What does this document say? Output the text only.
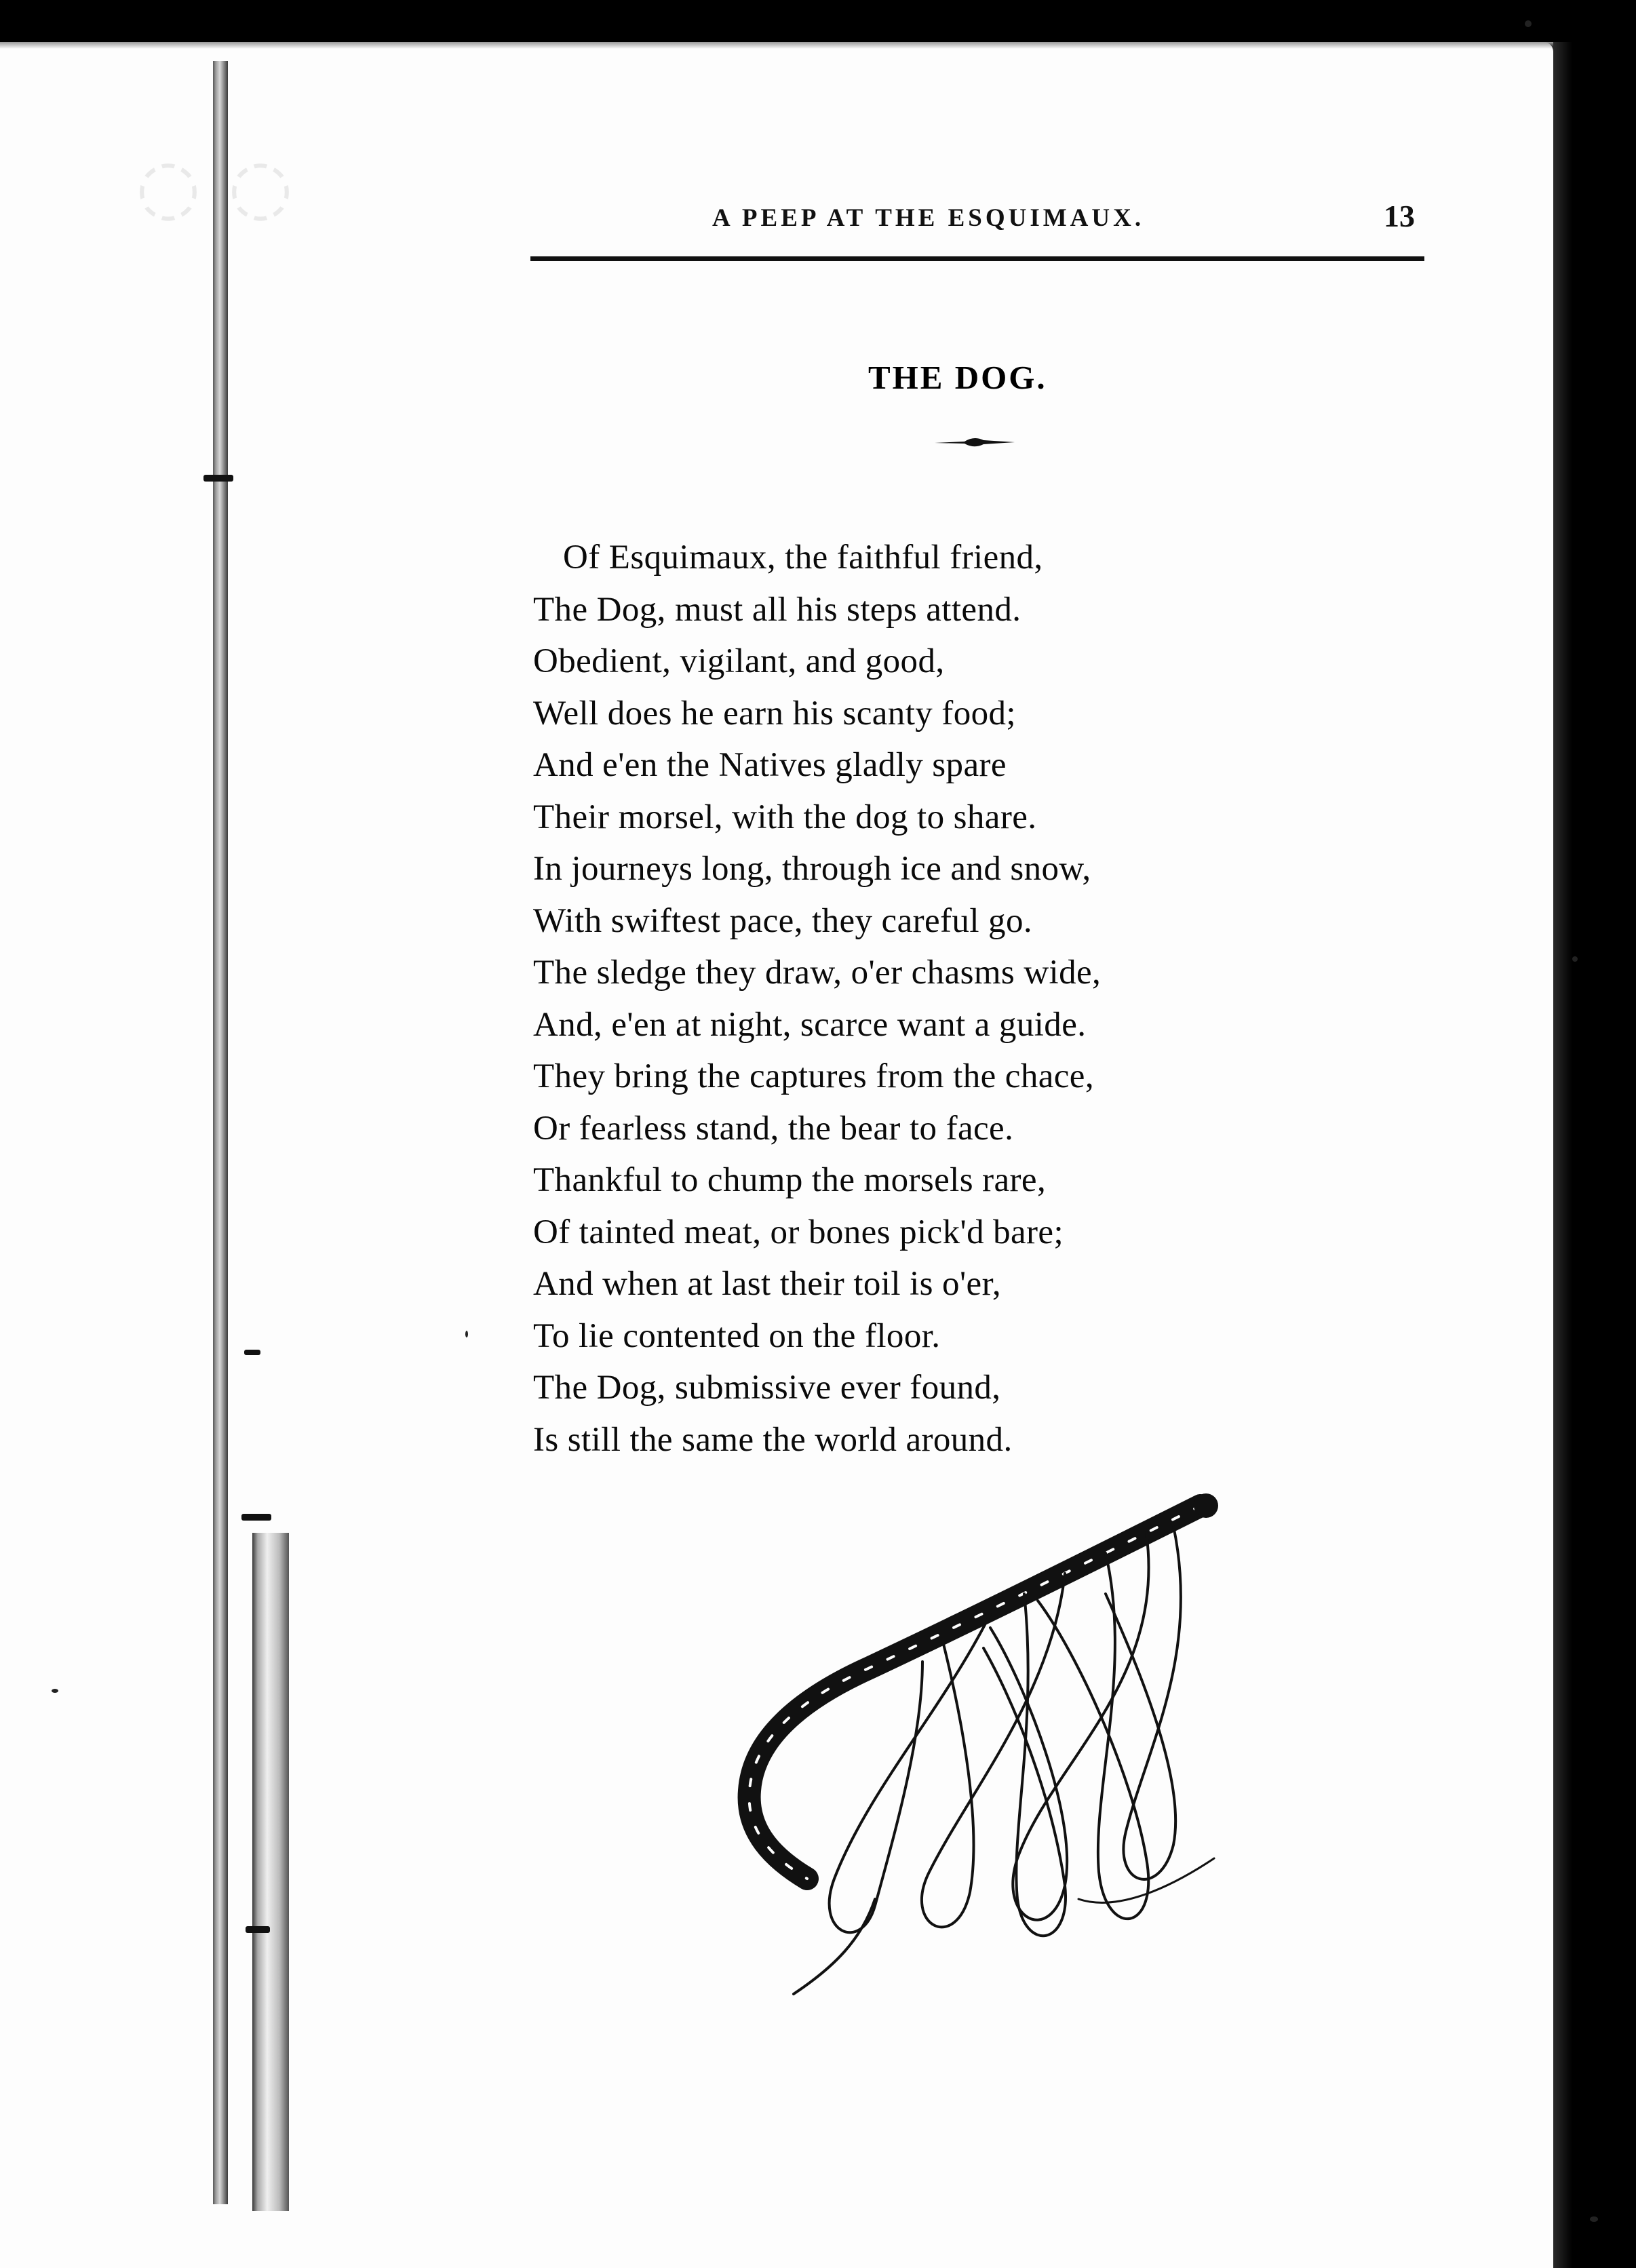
◌◌	A PEEP AT THE ESQUIMAUX.	13
THE DOG.
Of Esquimaux, the faithful friend,
The Dog, must all his steps attend.
Obedient, vigilant, and good,
Well does he earn his scanty food;
And e'en the Natives gladly spare
Their morsel, with the dog to share.
In journeys long, through ice and snow,
With swiftest pace, they careful go.
The sledge they draw, o'er chasms wide,
And, e'en at night, scarce want a guide.
They bring the captures from the chace,
Or fearless stand, the bear to face.
Thankful to chump the morsels rare,
Of tainted meat, or bones pick'd bare;
And when at last their toil is o'er,
To lie contented on the floor.
The Dog, submissive ever found,
Is still the same the world around.
